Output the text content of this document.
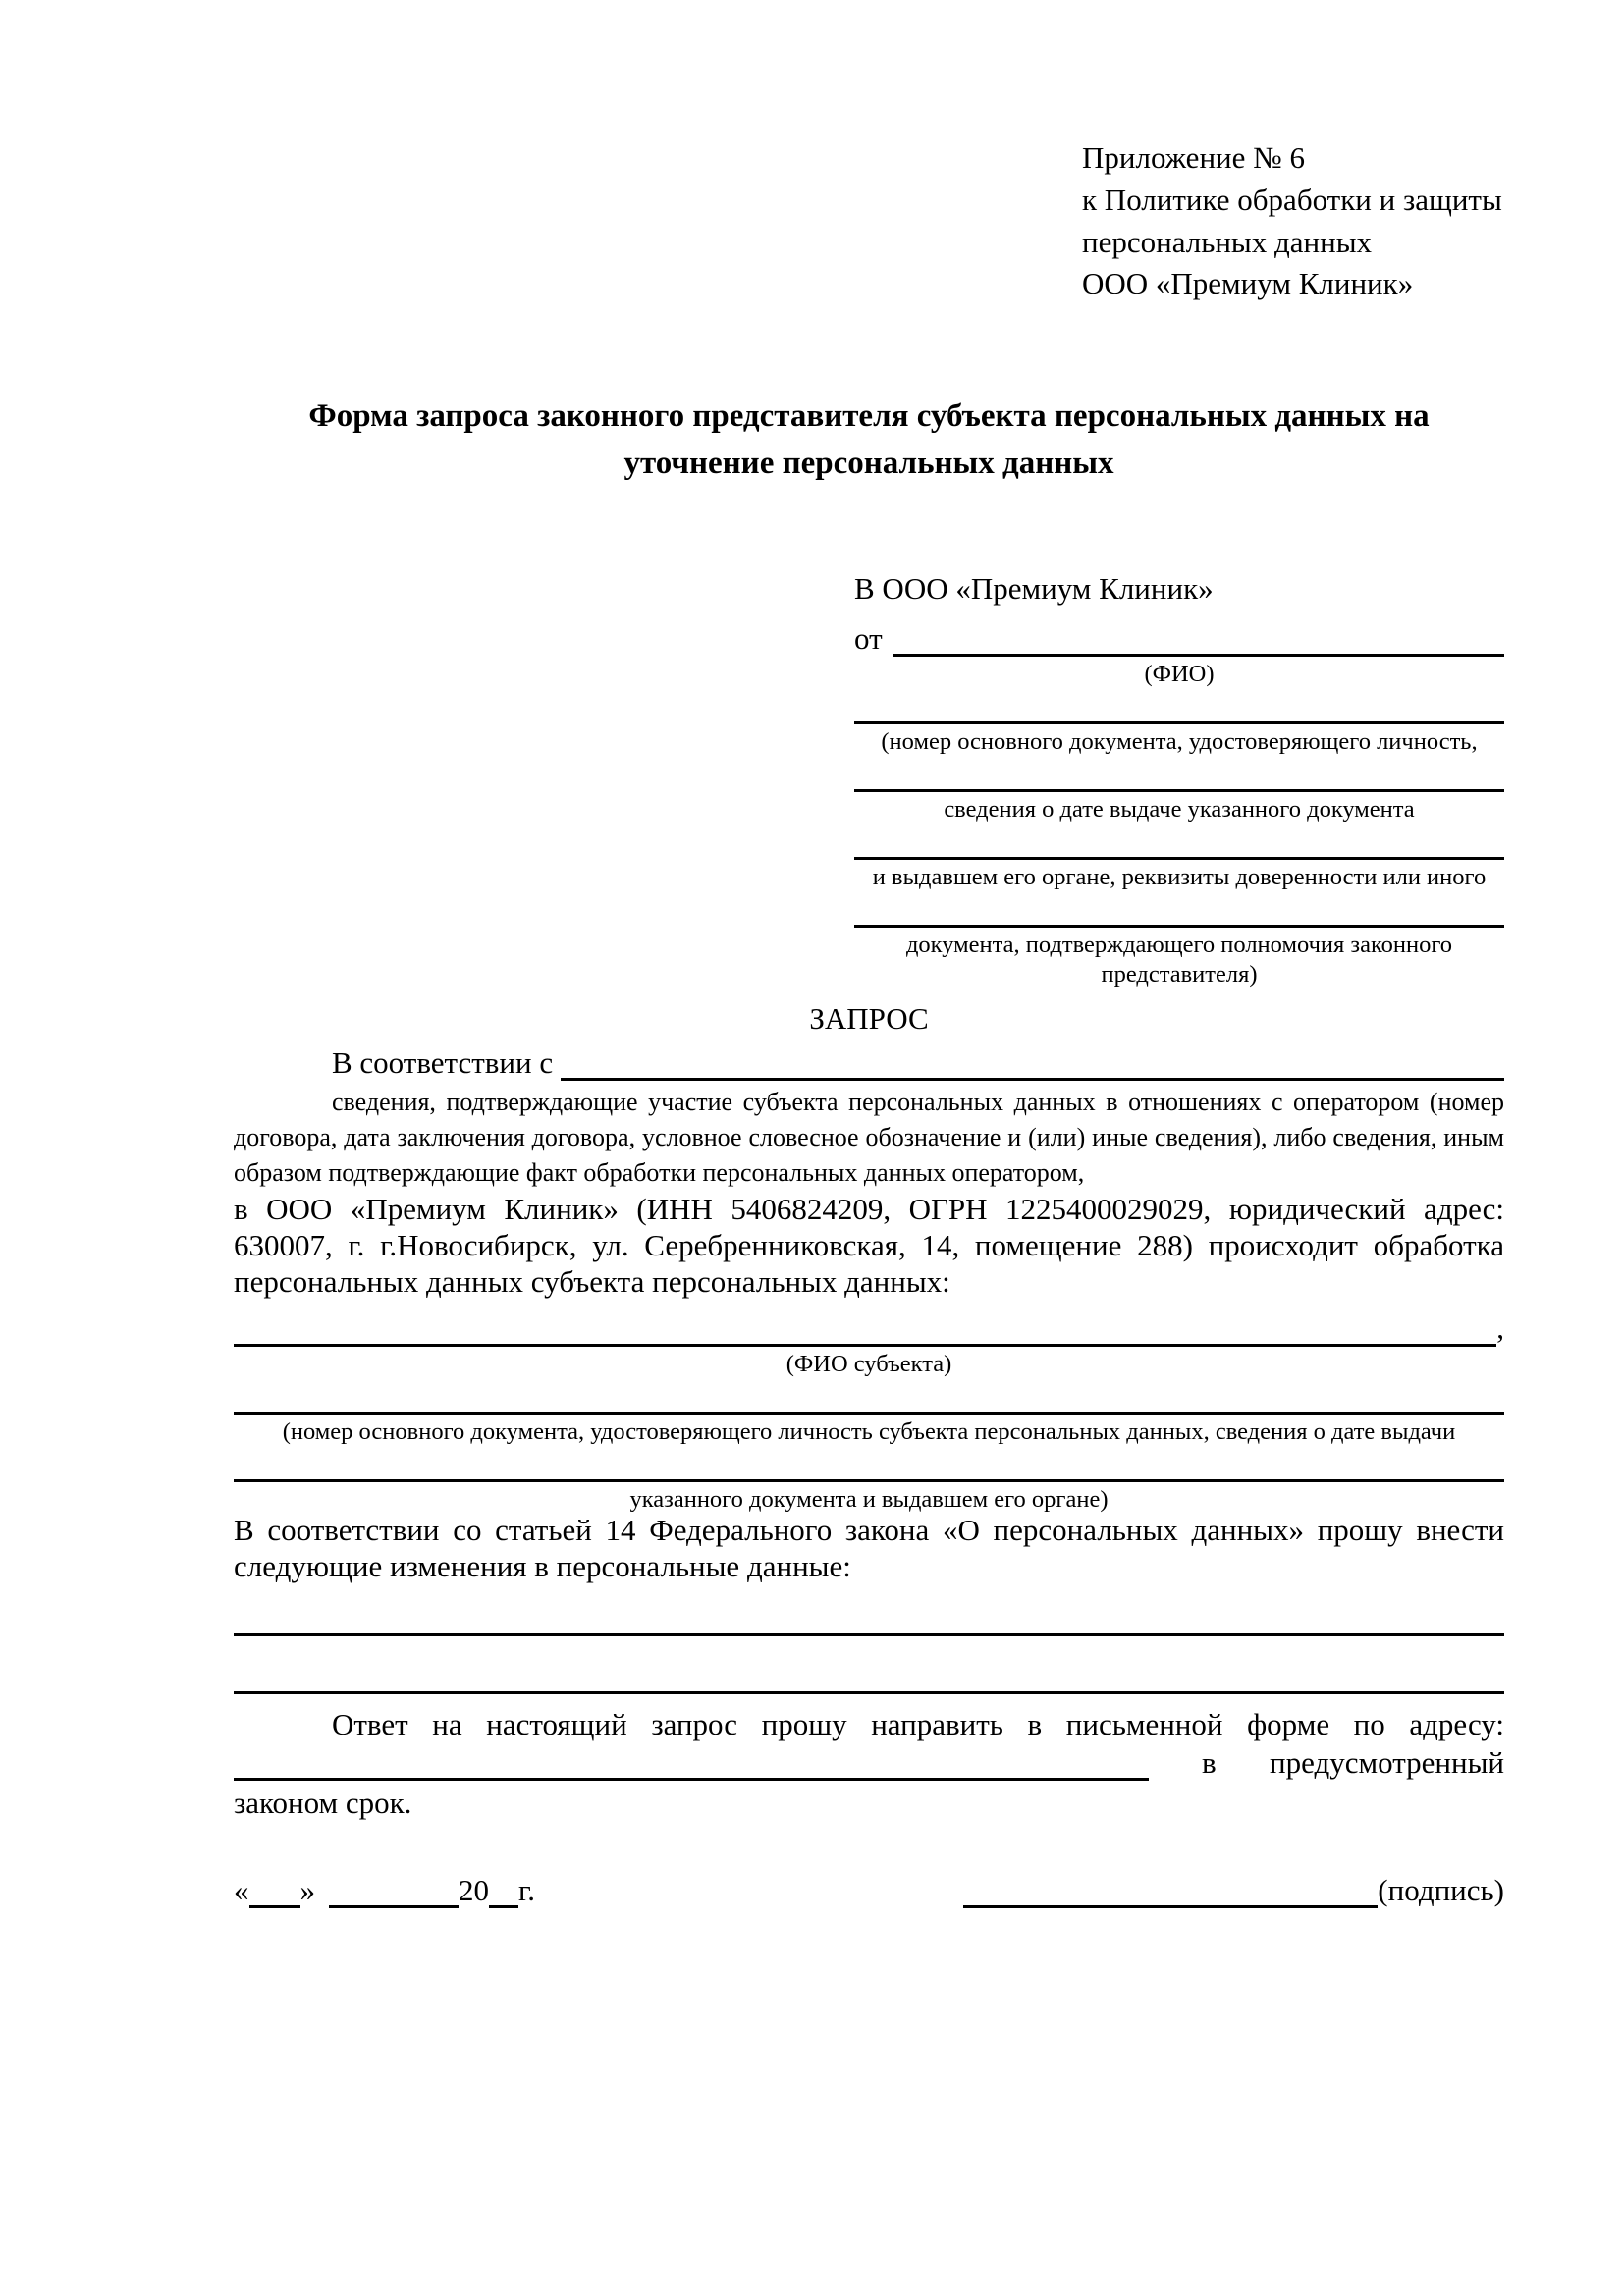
Приложение № 6
к Политике обработки и защиты
персональных данных
ООО «Премиум Клиник»
Форма запроса законного представителя субъекта персональных данных на уточнение персональных данных
В ООО «Премиум Клиник»
от
(ФИО)
(номер основного документа, удостоверяющего личность,
сведения о дате выдаче указанного документа
и выдавшем его органе, реквизиты доверенности или иного
документа, подтверждающего полномочия законного представителя)
ЗАПРОС
В соответствии с
сведения, подтверждающие участие субъекта персональных данных в отношениях с оператором (номер договора, дата заключения договора, условное словесное обозначение и (или) иные сведения), либо сведения, иным образом подтверждающие факт обработки персональных данных оператором,
в ООО «Премиум Клиник» (ИНН 5406824209, ОГРН 1225400029029, юридический адрес: 630007, г. г.Новосибирск, ул. Серебренниковская, 14, помещение 288) происходит обработка персональных данных субъекта персональных данных:
,
(ФИО субъекта)
(номер основного документа, удостоверяющего личность субъекта персональных данных, сведения о дате выдачи
указанного документа и выдавшем его органе)
В соответствии со статьей 14 Федерального закона «О персональных данных» прошу внести следующие изменения в персональные данные:
Ответ на настоящий запрос прошу направить в письменной форме по адресу:
в предусмотренный
законом срок.
« »	20 г.	(подпись)
